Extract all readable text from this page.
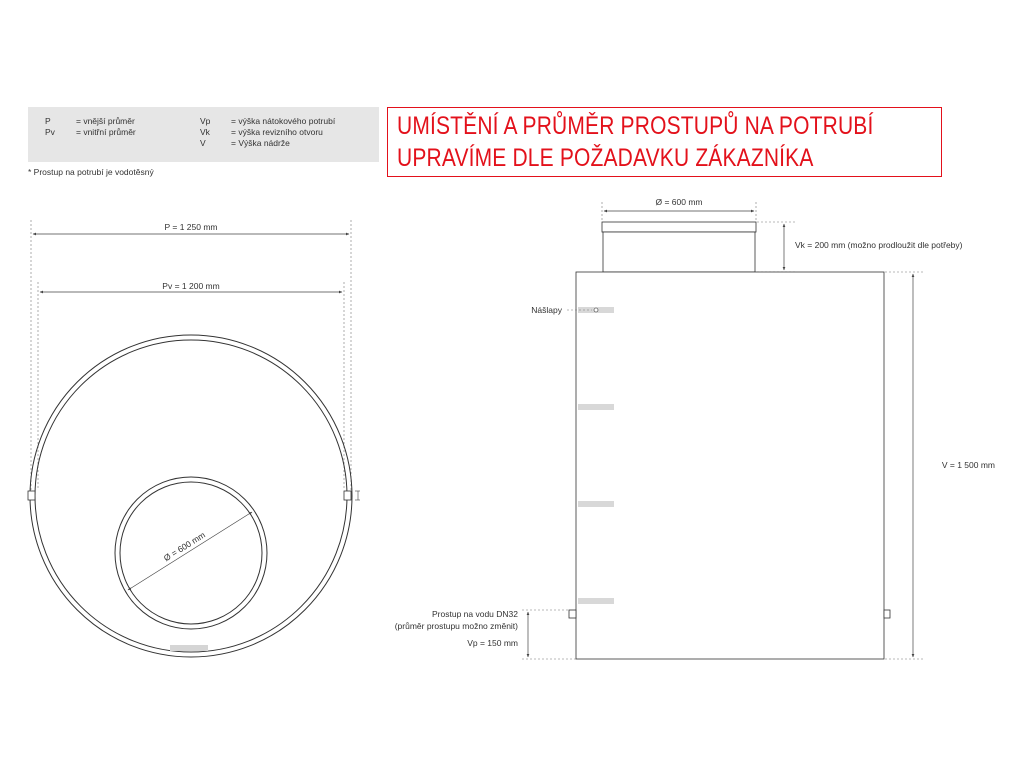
P	= vnější průměr
Pv = vnitřní průměr
Vp = výška nátokového potrubí
Vk = výška revizního otvoru
V	= Výška nádrže
* Prostup na potrubí je vodotěsný
UMÍSTĚNÍ A PRŮMĚR PROSTUPŮ NA POTRUBÍ
UPRAVÍME DLE POŽADAVKU ZÁKAZNÍKA
P = 1 250 mm
Pv = 1 200 mm
Ø = 600 mm
Ø = 600 mm
Vk = 200 mm (možno prodloužit dle potřeby)
Nášlapy
V = 1 500 mm
Prostup na vodu DN32
(průměr prostupu možno změnit)
Vp = 150 mm
